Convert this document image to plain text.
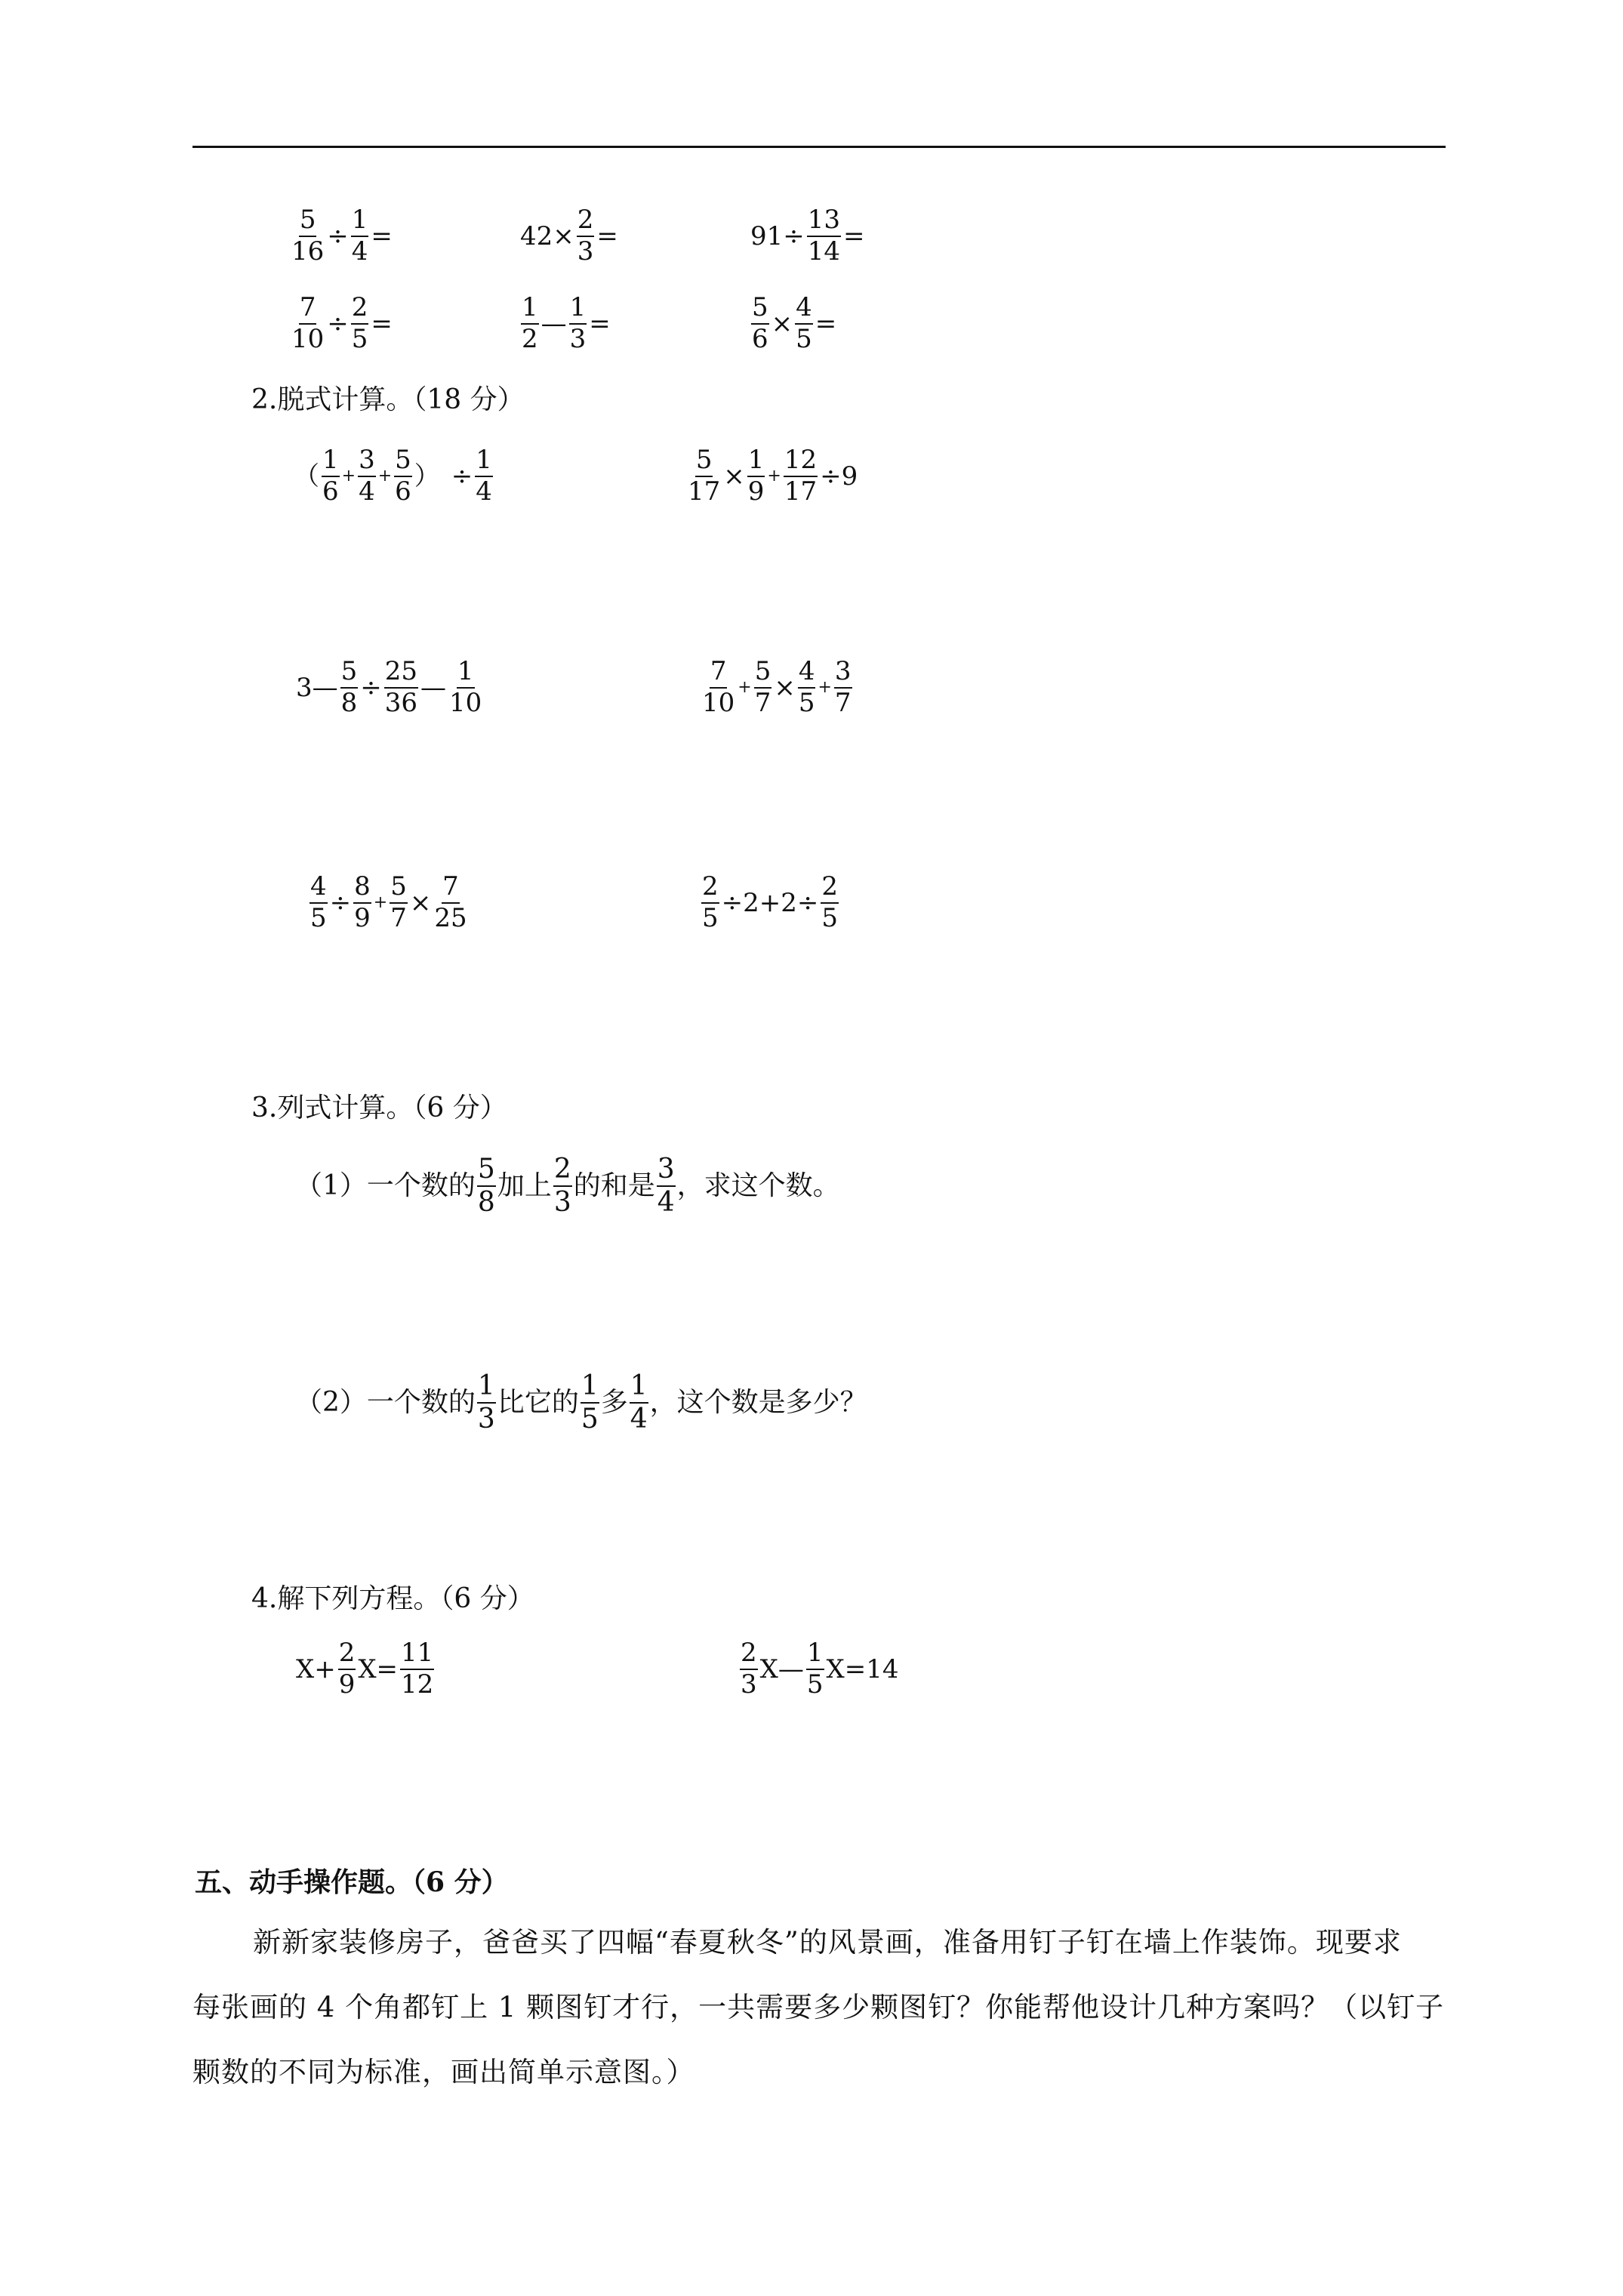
$\frac{5}{16} \div \frac{1}{4}$ =	$42\times \frac{2}{3}$ =	$91\div \frac{13}{14}$ =
$\frac{7}{10} \div \frac{2}{5}$ =	$\frac{1}{2}$ — $\frac{1}{3}$ =	$\frac{5}{6} \times \frac{4}{5}$ =
2.脱式计算。（18 分）
（ $\frac{1}{6} + \frac{3}{4} + \frac{5}{6}$ ） ÷ $\frac{1}{4}$	$\frac{5}{17} \times \frac{1}{9} + \frac{12}{17} \div 9$
3— $\frac{5}{8} \div \frac{25}{36}$ — $\frac{1}{10}$	$\frac{7}{10} + \frac{5}{7} \times \frac{4}{5} + \frac{3}{7}$
$\frac{4}{5} \div \frac{8}{9} + \frac{5}{7} \times \frac{7}{25}$	$\frac{2}{5} \div 2+2\div \frac{2}{5}$
3.列式计算。（6 分）
（1）一个数的 $\frac{5}{8}$ 加上 $\frac{2}{3}$ 的和是 $\frac{3}{4}$ ，求这个数。
（2）一个数的 $\frac{1}{3}$ 比它的 $\frac{1}{5}$ 多 $\frac{1}{4}$ ，这个数是多少？
4.解下列方程。（6 分）
$X+ \frac{2}{9} X= \frac{11}{12}$	$\frac{2}{3}$ X— $\frac{1}{5} X=14$
五、动手操作题。（6 分）

新新家装修房子，爸爸买了四幅“春夏秋冬”的风景画，准备用钉子钉在墙上作装饰。现要求

每张画的 4 个角都钉上 1 颗图钉才行，一共需要多少颗图钉？你能帮他设计几种方案吗？（以钉子

颗数的不同为标准，画出简单示意图。）
